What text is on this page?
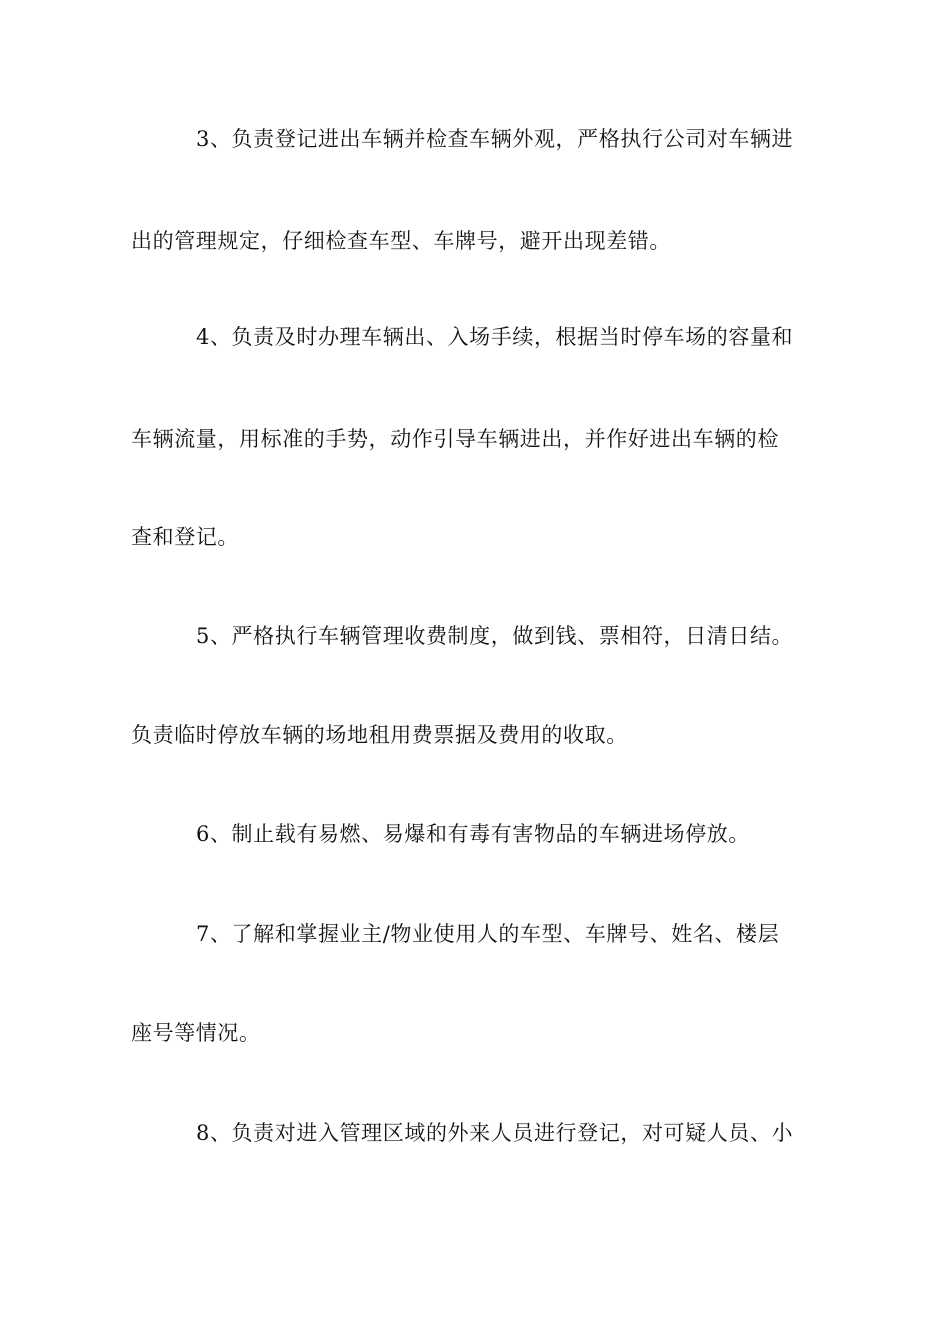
3、负责登记进出车辆并检查车辆外观，严格执行公司对车辆进
出的管理规定，仔细检查车型、车牌号，避开出现差错。
4、负责及时办理车辆出、入场手续，根据当时停车场的容量和
车辆流量，用标准的手势，动作引导车辆进出，并作好进出车辆的检
查和登记。
5、严格执行车辆管理收费制度，做到钱、票相符，日清日结。
负责临时停放车辆的场地租用费票据及费用的收取。
6、制止载有易燃、易爆和有毒有害物品的车辆进场停放。
7、了解和掌握业主/物业使用人的车型、车牌号、姓名、楼层
座号等情况。
8、负责对进入管理区域的外来人员进行登记，对可疑人员、小
